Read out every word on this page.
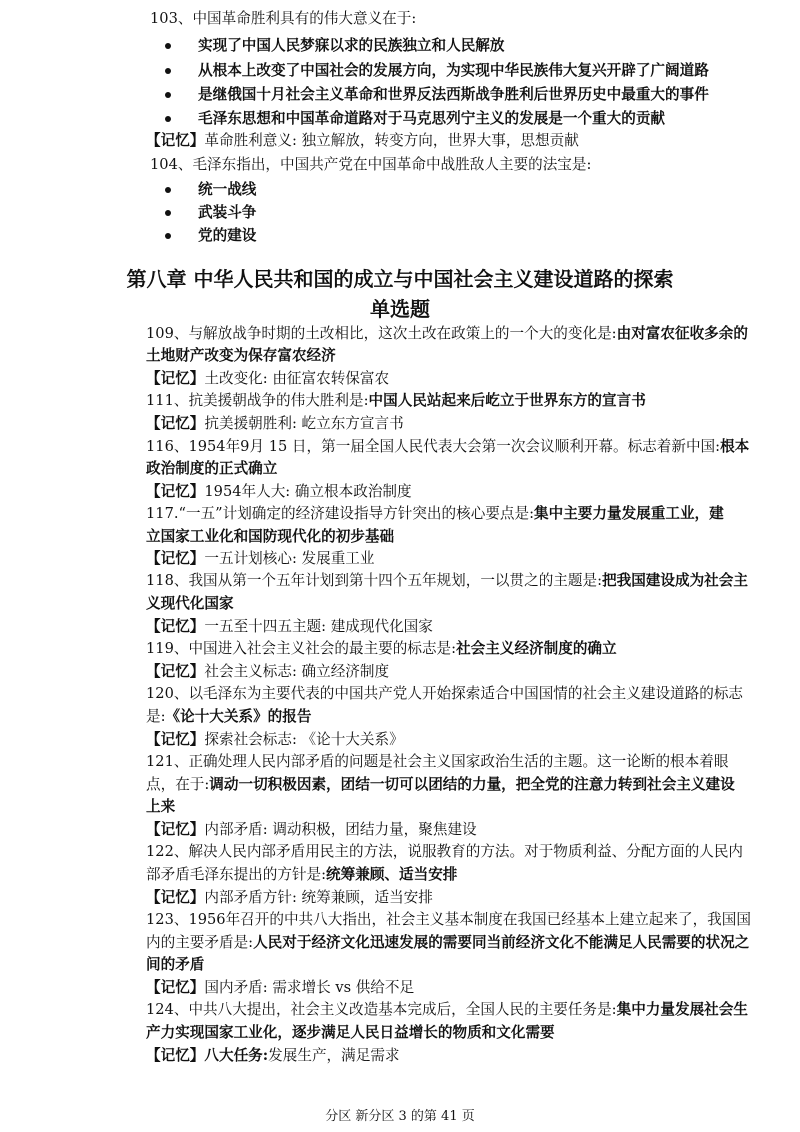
103、中国革命胜利具有的伟大意义在于:
实现了中国人民梦寐以求的民族独立和人民解放
从根本上改变了中国社会的发展方向，为实现中华民族伟大复兴开辟了广阔道路
是继俄国十月社会主义革命和世界反法西斯战争胜利后世界历史中最重大的事件
毛泽东思想和中国革命道路对于马克思列宁主义的发展是一个重大的贡献
【记忆】革命胜利意义: 独立解放，转变方向，世界大事，思想贡献
104、毛泽东指出，中国共产党在中国革命中战胜敌人主要的法宝是:
统一战线
武装斗争
党的建设
第八章 中华人民共和国的成立与中国社会主义建设道路的探索
单选题
109、与解放战争时期的土改相比，这次土改在政策上的一个大的变化是:由对富农征收多余的
土地财产改变为保存富农经济
【记忆】土改变化: 由征富农转保富农
111、抗美援朝战争的伟大胜利是:中国人民站起来后屹立于世界东方的宣言书
【记忆】抗美援朝胜利: 屹立东方宣言书
116、1954年9月 15 日，第一届全国人民代表大会第一次会议顺利开幕。标志着新中国:根本
政治制度的正式确立
【记忆】1954年人大: 确立根本政治制度
117.“一五”计划确定的经济建设指导方针突出的核心要点是:集中主要力量发展重工业，建
立国家工业化和国防现代化的初步基础
【记忆】一五计划核心: 发展重工业
118、我国从第一个五年计划到第十四个五年规划，一以贯之的主题是:把我国建设成为社会主
义现代化国家
【记忆】一五至十四五主题: 建成现代化国家
119、中国进入社会主义社会的最主要的标志是:社会主义经济制度的确立
【记忆】社会主义标志: 确立经济制度
120、以毛泽东为主要代表的中国共产党人开始探索适合中国国情的社会主义建设道路的标志
是:《论十大关系》的报告
【记忆】探索社会标志: 《论十大关系》
121、正确处理人民内部矛盾的问题是社会主义国家政治生活的主题。这一论断的根本着眼
点，在于:调动一切积极因素，团结一切可以团结的力量，把全党的注意力转到社会主义建设
上来
【记忆】内部矛盾: 调动积极，团结力量，聚焦建设
122、解决人民内部矛盾用民主的方法，说服教育的方法。对于物质利益、分配方面的人民内
部矛盾毛泽东提出的方针是:统筹兼顾、适当安排
【记忆】内部矛盾方针: 统筹兼顾，适当安排
123、1956年召开的中共八大指出，社会主义基本制度在我国已经基本上建立起来了，我国国
内的主要矛盾是:人民对于经济文化迅速发展的需要同当前经济文化不能满足人民需要的状况之
间的矛盾
【记忆】国内矛盾: 需求增长 vs 供给不足
124、中共八大提出，社会主义改造基本完成后，全国人民的主要任务是:集中力量发展社会生
产力实现国家工业化，逐步满足人民日益增长的物质和文化需要
【记忆】八大任务:发展生产，满足需求
分区 新分区 3 的第 41 页
